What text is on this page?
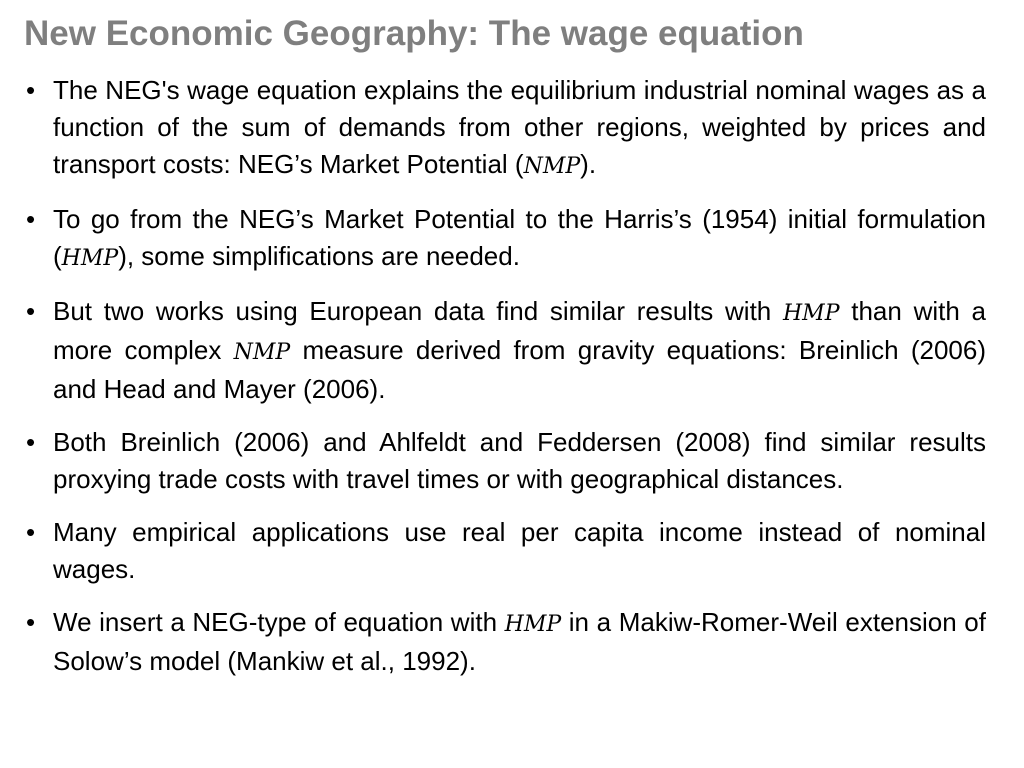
New Economic Geography: The wage equation
• The NEG's wage equation explains the equilibrium industrial nominal wages as a function of the sum of demands from other regions, weighted by prices and transport costs: NEG’s Market Potential (NMP).
• To go from the NEG’s Market Potential to the Harris’s (1954) initial formulation (HMP), some simplifications are needed.
• But two works using European data find similar results with HMP than with a more complex NMP measure derived from gravity equations: Breinlich (2006) and Head and Mayer (2006).
• Both Breinlich (2006) and Ahlfeldt and Feddersen (2008) find similar results proxying trade costs with travel times or with geographical distances.
• Many empirical applications use real per capita income instead of nominal wages.
• We insert a NEG-type of equation with HMP in a Makiw-Romer-Weil extension of Solow’s model (Mankiw et al., 1992).
